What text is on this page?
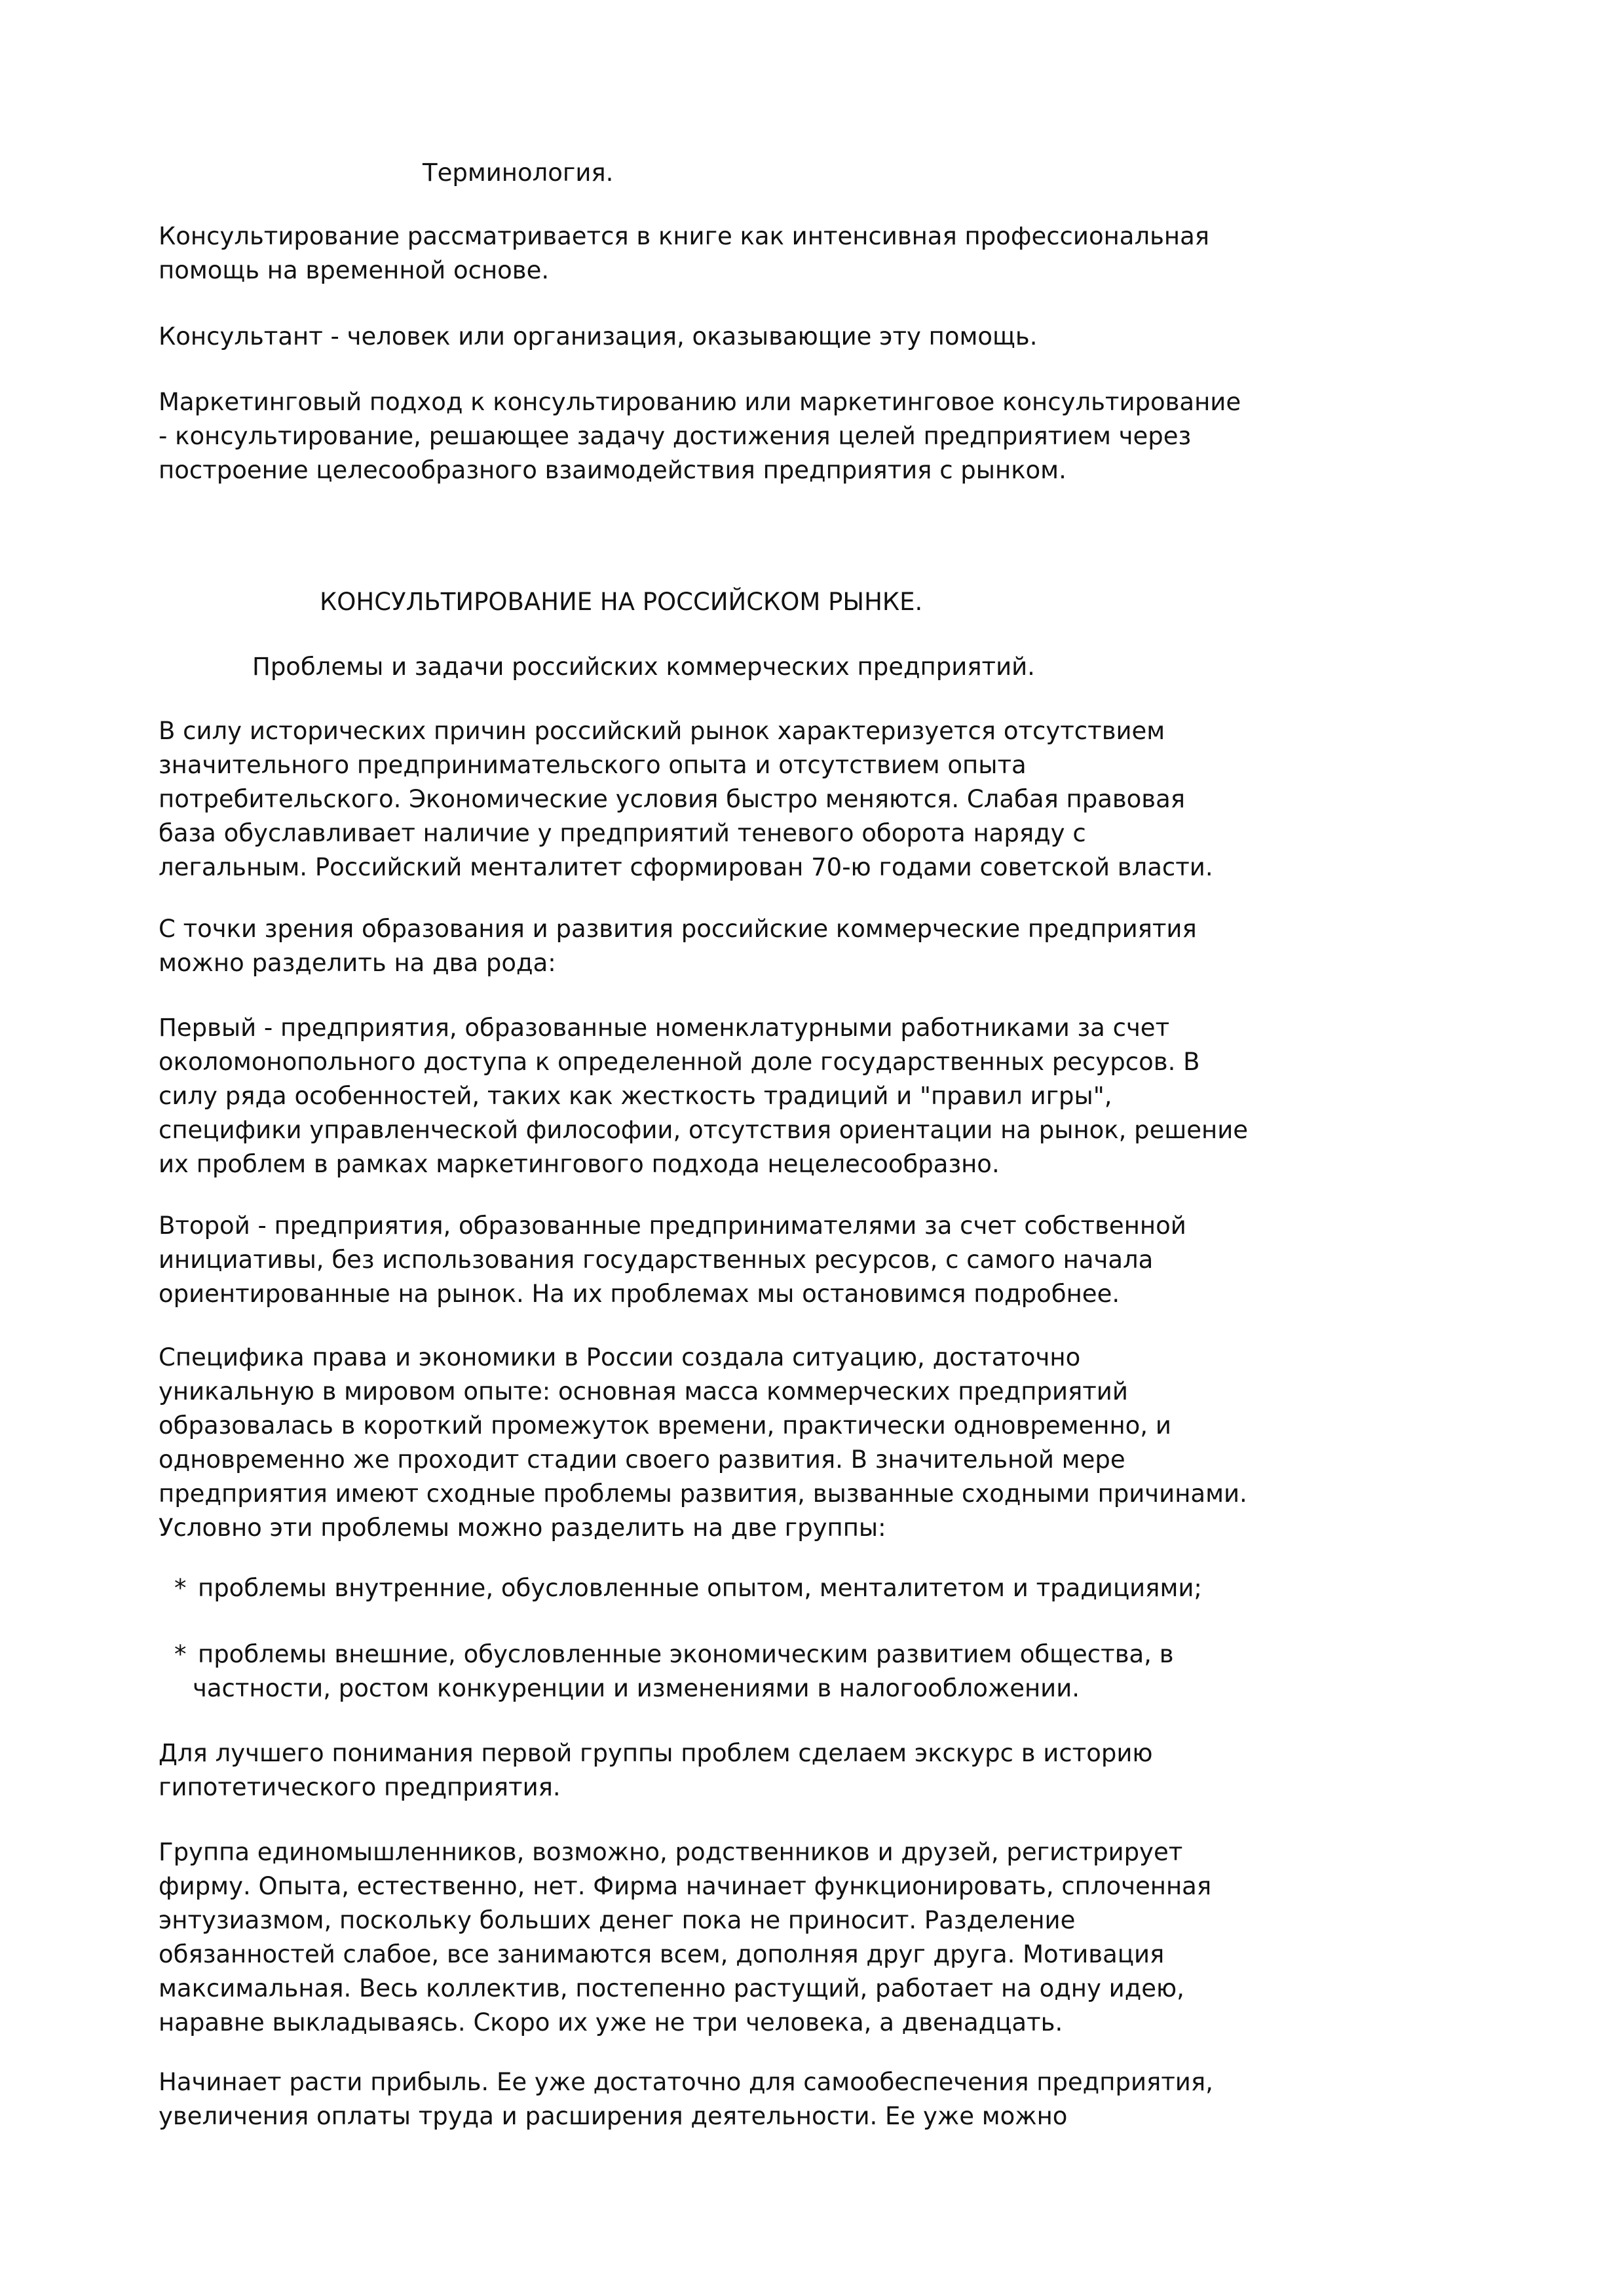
Терминология.

Консультирование рассматривается в книге как интенсивная профессиональная
помощь на временной основе.
Консультант - человек или организация, оказывающие эту помощь.
Маркетинговый подход к консультированию или маркетинговое консультирование
- консультирование, решающее задачу достижения целей предприятием через
построение целесообразного взаимодействия предприятия с рынком.

КОНСУЛЬТИРОВАНИЕ НА РОССИЙСКОМ РЫНКЕ.

Проблемы и задачи российских коммерческих предприятий.

В силу исторических причин российский рынок характеризуется отсутствием
значительного предпринимательского опыта и отсутствием опыта
потребительского. Экономические условия быстро меняются. Слабая правовая
база обуславливает наличие у предприятий теневого оборота наряду с
легальным. Российский менталитет сформирован 70-ю годами советской власти.
С точки зрения образования и развития российские коммерческие предприятия
можно разделить на два рода:
Первый - предприятия, образованные номенклатурными работниками за счет
околомонопольного доступа к определенной доле государственных ресурсов. В
силу ряда особенностей, таких как жесткость традиций и "правил игры",
специфики управленческой философии, отсутствия ориентации на рынок, решение
их проблем в рамках маркетингового подхода нецелесообразно.
Второй - предприятия, образованные предпринимателями за счет собственной
инициативы, без использования государственных ресурсов, с самого начала
ориентированные на рынок. На их проблемах мы остановимся подробнее.
Специфика права и экономики в России создала ситуацию, достаточно
уникальную в мировом опыте: основная масса коммерческих предприятий
образовалась в короткий промежуток времени, практически одновременно, и
одновременно же проходит стадии своего развития. В значительной мере
предприятия имеют сходные проблемы развития, вызванные сходными причинами.
Условно эти проблемы можно разделить на две группы:
* проблемы внутренние, обусловленные опытом, менталитетом и традициями;
* проблемы внешние, обусловленные экономическим развитием общества, в
частности, ростом конкуренции и изменениями в налогообложении.
Для лучшего понимания первой группы проблем сделаем экскурс в историю
гипотетического предприятия.
Группа единомышленников, возможно, родственников и друзей, регистрирует
фирму. Опыта, естественно, нет. Фирма начинает функционировать, сплоченная
энтузиазмом, поскольку больших денег пока не приносит. Разделение
обязанностей слабое, все занимаются всем, дополняя друг друга. Мотивация
максимальная. Весь коллектив, постепенно растущий, работает на одну идею,
наравне выкладываясь. Скоро их уже не три человека, а двенадцать.
Начинает расти прибыль. Ее уже достаточно для самообеспечения предприятия,
увеличения оплаты труда и расширения деятельности. Ее уже можно
